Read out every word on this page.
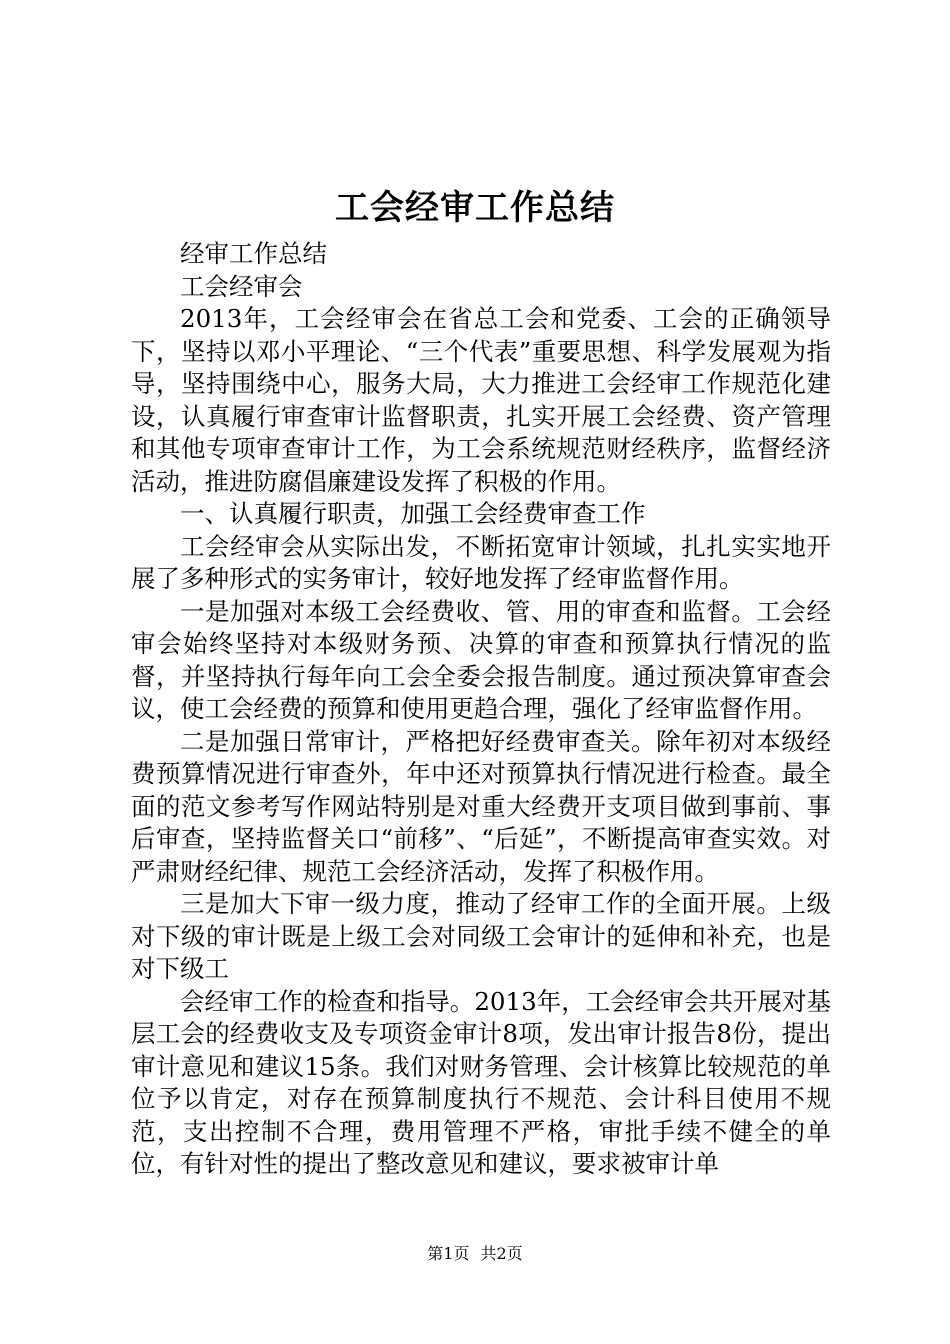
工会经审工作总结

经审工作总结

工会经审会

2013年，工会经审会在省总工会和党委、工会的正确领导下，坚持以邓小平理论、“三个代表”重要思想、科学发展观为指导，坚持围绕中心，服务大局，大力推进工会经审工作规范化建设，认真履行审查审计监督职责，扎实开展工会经费、资产管理和其他专项审查审计工作，为工会系统规范财经秩序，监督经济活动，推进防腐倡廉建设发挥了积极的作用。

一、认真履行职责，加强工会经费审查工作

工会经审会从实际出发，不断拓宽审计领域，扎扎实实地开展了多种形式的实务审计，较好地发挥了经审监督作用。

一是加强对本级工会经费收、管、用的审查和监督。工会经审会始终坚持对本级财务预、决算的审查和预算执行情况的监督，并坚持执行每年向工会全委会报告制度。通过预决算审查会议，使工会经费的预算和使用更趋合理，强化了经审监督作用。

二是加强日常审计，严格把好经费审查关。除年初对本级经费预算情况进行审查外，年中还对预算执行情况进行检查。最全面的范文参考写作网站特别是对重大经费开支项目做到事前、事后审查，坚持监督关口“前移”、“后延”，不断提高审查实效。对严肃财经纪律、规范工会经济活动，发挥了积极作用。

三是加大下审一级力度，推动了经审工作的全面开展。上级对下级的审计既是上级工会对同级工会审计的延伸和补充，也是对下级工

会经审工作的检查和指导。2013年，工会经审会共开展对基层工会的经费收支及专项资金审计8项，发出审计报告8份，提出审计意见和建议15条。我们对财务管理、会计核算比较规范的单位予以肯定，对存在预算制度执行不规范、会计科目使用不规范，支出控制不合理，费用管理不严格，审批手续不健全的单位，有针对性的提出了整改意见和建议，要求被审计单

第1页 共2页
